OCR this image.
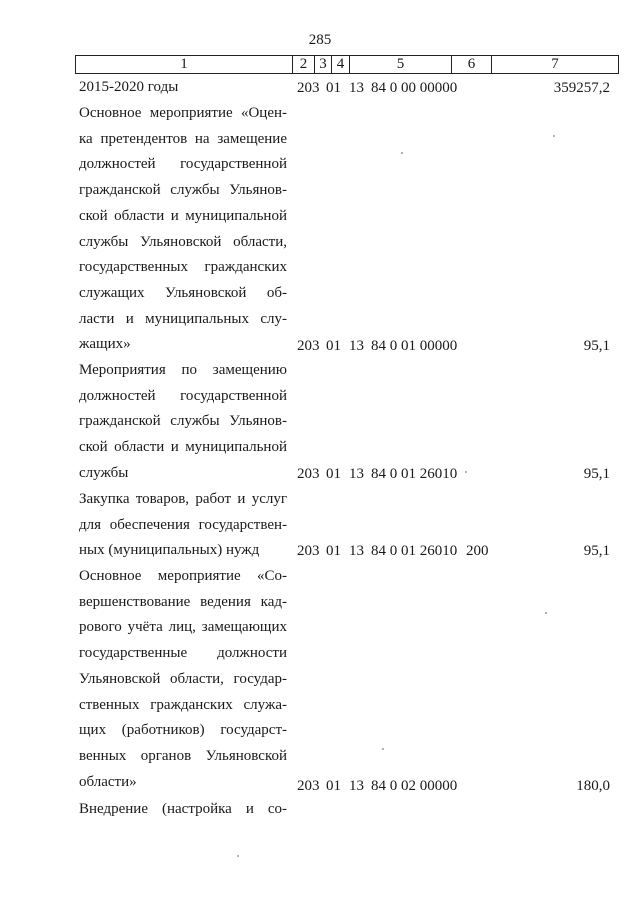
285
1	2 3 4	5	6	7
2015-2020 годы	203 01 13 84 0 00 00000	359257,2
Основное мероприятие «Оцен-
ка претендентов на замещение
должностей государственной
гражданской службы Ульянов-
ской области и муниципальной
службы Ульяновской области,
государственных гражданских
служащих Ульяновской об-
ласти и муниципальных слу-
жащих»	203 01 13 84 0 01 00000	95,1
Мероприятия по замещению
должностей государственной
гражданской службы Ульянов-
ской области и муниципальной
службы	203 01 13 84 0 01 26010	95,1
Закупка товаров, работ и услуг
для обеспечения государствен-
ных (муниципальных) нужд	203 01 13 84 0 01 26010 200	95,1
Основное мероприятие «Со-
вершенствование ведения кад-
рового учёта лиц, замещающих
государственные должности
Ульяновской области, государ-
ственных гражданских служа-
щих (работников) государст-
венных органов Ульяновской
области»	203 01 13 84 0 02 00000	180,0
Внедрение (настройка и со-
